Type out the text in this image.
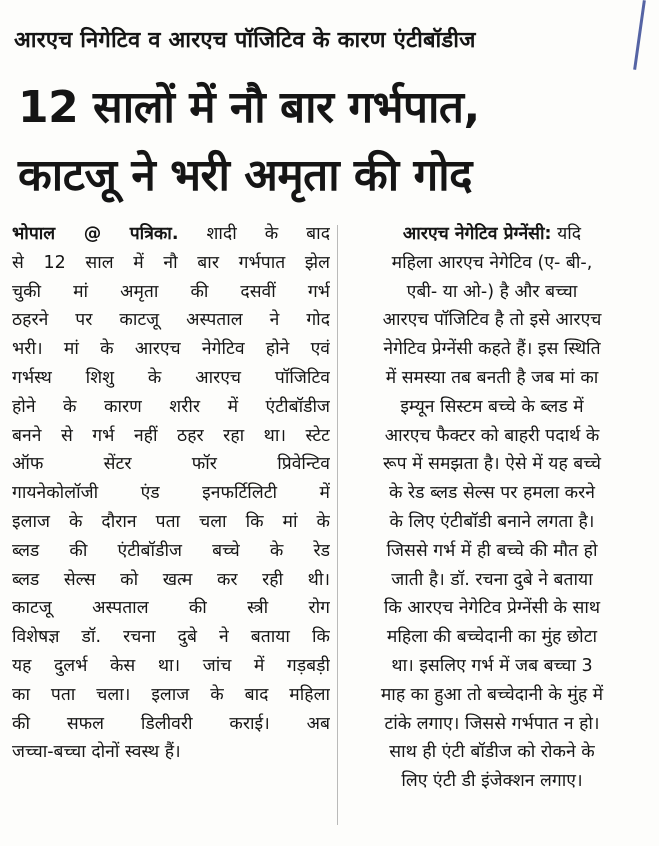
आरएच निगेटिव व आरएच पॉजिटिव के कारण एंटीबॉडीज
12 सालों में नौ बार गर्भपात,
काटजू ने भरी अमृता की गोद
भोपाल @ पत्रिका. शादी के बाद
से 12 साल में नौ बार गर्भपात झेल
चुकी मां अमृता की दसवीं गर्भ
ठहरने पर काटजू अस्पताल ने गोद
भरी। मां के आरएच नेगेटिव होने एवं
गर्भस्थ शिशु के आरएच पॉजिटिव
होने के कारण शरीर में एंटीबॉडीज
बनने से गर्भ नहीं ठहर रहा था। स्टेट
ऑफ सेंटर फॉर प्रिवेन्टिव
गायनेकोलॉजी एंड इनफर्टिलिटी में
इलाज के दौरान पता चला कि मां के
ब्लड की एंटीबॉडीज बच्चे के रेड
ब्लड सेल्स को खत्म कर रही थी।
काटजू अस्पताल की स्त्री रोग
विशेषज्ञ डॉ. रचना दुबे ने बताया कि
यह दुलर्भ केस था। जांच में गड़बड़ी
का पता चला। इलाज के बाद महिला
की सफल डिलीवरी कराई। अब
जच्चा-बच्चा दोनों स्वस्थ हैं।
आरएच नेगेटिव प्रेग्नेंसी: यदि
महिला आरएच नेगेटिव (ए- बी-,
एबी- या ओ-) है और बच्चा
आरएच पॉजिटिव है तो इसे आरएच
नेगेटिव प्रेग्नेंसी कहते हैं। इस स्थिति
में समस्या तब बनती है जब मां का
इम्यून सिस्टम बच्चे के ब्लड में
आरएच फैक्टर को बाहरी पदार्थ के
रूप में समझता है। ऐसे में यह बच्चे
के रेड ब्लड सेल्स पर हमला करने
के लिए एंटीबॉडी बनाने लगता है।
जिससे गर्भ में ही बच्चे की मौत हो
जाती है। डॉ. रचना दुबे ने बताया
कि आरएच नेगेटिव प्रेग्नेंसी के साथ
महिला की बच्चेदानी का मुंह छोटा
था। इसलिए गर्भ में जब बच्चा 3
माह का हुआ तो बच्चेदानी के मुंह में
टांके लगाए। जिससे गर्भपात न हो।
साथ ही एंटी बॉडीज को रोकने के
लिए एंटी डी इंजेक्शन लगाए।
